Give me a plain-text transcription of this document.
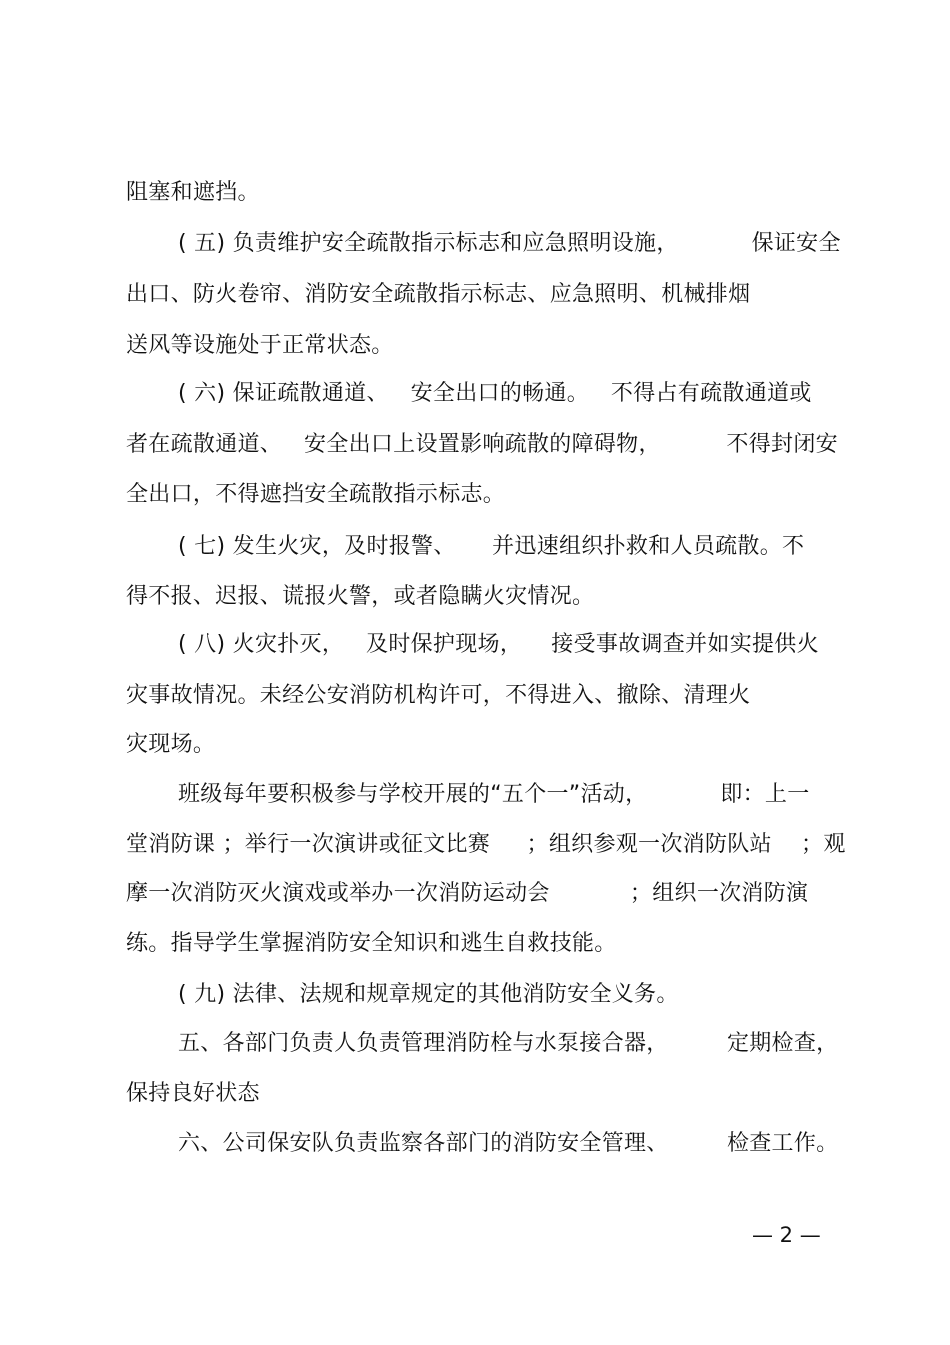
阻塞和遮挡。
( 五) 负责维护安全疏散指示标志和应急照明设施，          保证安全
出口、防火卷帘、消防安全疏散指示标志、应急照明、机械排烟
送风等设施处于正常状态。
( 六) 保证疏散通道、   安全出口的畅通。   不得占有疏散通道或
者在疏散通道、   安全出口上设置影响疏散的障碍物，         不得封闭安
全出口，不得遮挡安全疏散指示标志。
( 七) 发生火灾，及时报警、     并迅速组织扑救和人员疏散。不
得不报、迟报、谎报火警，或者隐瞒火灾情况。
( 八) 火灾扑灭，   及时保护现场，    接受事故调查并如实提供火
灾事故情况。未经公安消防机构许可，不得进入、撤除、清理火
灾现场。
班级每年要积极参与学校开展的“五个一”活动，          即：上一
堂消防课 ；举行一次演讲或征文比赛     ；组织参观一次消防队站    ；观
摩一次消防灭火演戏或举办一次消防运动会           ；组织一次消防演
练。指导学生掌握消防安全知识和逃生自救技能。
( 九) 法律、法规和规章规定的其他消防安全义务。
五、各部门负责人负责管理消防栓与水泵接合器，        定期检查，
保持良好状态
六、公司保安队负责监察各部门的消防安全管理、        检查工作。
— 2 —
